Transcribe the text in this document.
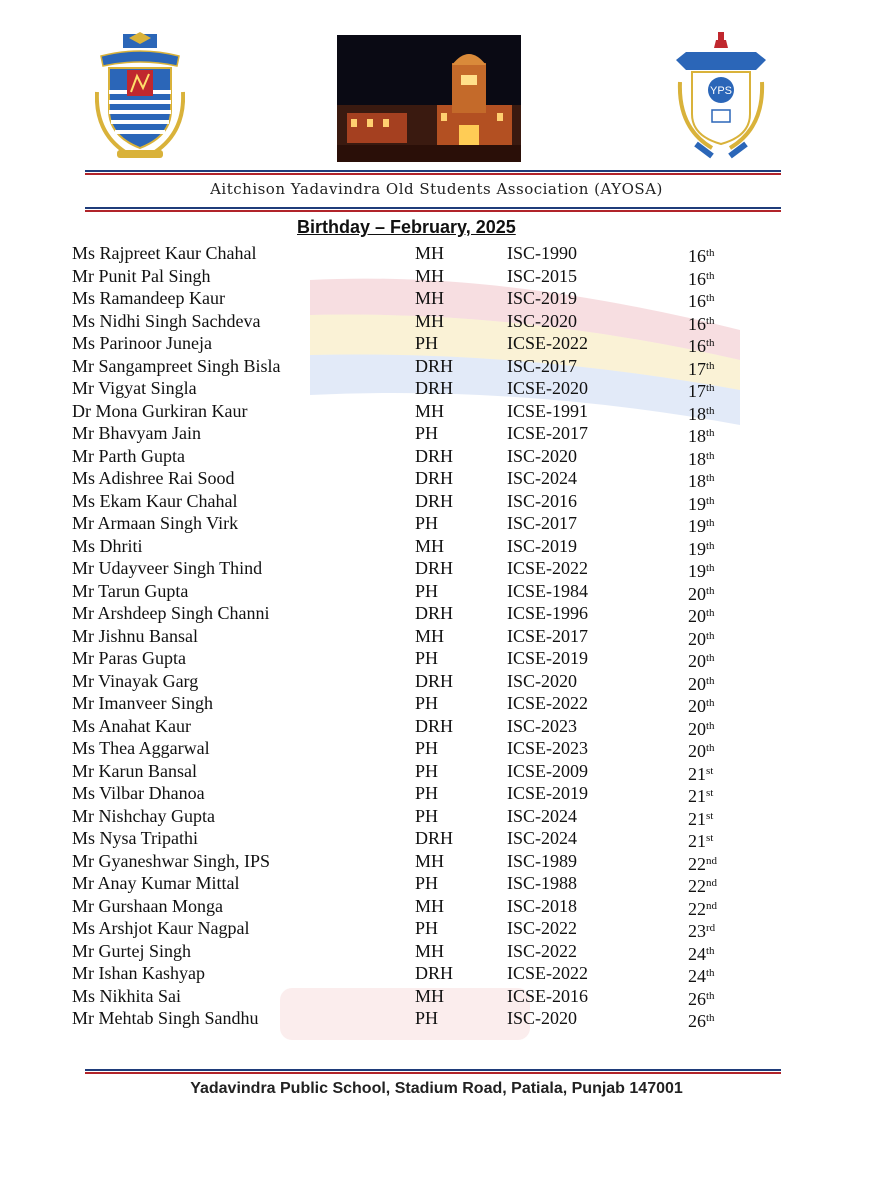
YPS
Aitchison Yadavindra Old Students Association (AYOSA)
Birthday – February, 2025
Ms Rajpreet Kaur Chahal	MH	ISC-1990	16th
Mr Punit Pal Singh	MH	ISC-2015	16th
Ms Ramandeep Kaur	MH	ISC-2019	16th
Ms Nidhi Singh Sachdeva	MH	ISC-2020	16th
Ms Parinoor Juneja	PH	ICSE-2022	16th
Mr Sangampreet Singh Bisla	DRH	ISC-2017	17th
Mr Vigyat Singla	DRH	ICSE-2020	17th
Dr Mona Gurkiran Kaur	MH	ICSE-1991	18th
Mr Bhavyam Jain	PH	ICSE-2017	18th
Mr Parth Gupta	DRH	ISC-2020	18th
Ms Adishree Rai Sood	DRH	ISC-2024	18th
Ms Ekam Kaur Chahal	DRH	ISC-2016	19th
Mr Armaan Singh Virk	PH	ISC-2017	19th
Ms Dhriti	MH	ISC-2019	19th
Mr Udayveer Singh Thind	DRH	ICSE-2022	19th
Mr Tarun Gupta	PH	ICSE-1984	20th
Mr Arshdeep Singh Channi	DRH	ICSE-1996	20th
Mr Jishnu Bansal	MH	ICSE-2017	20th
Mr Paras Gupta	PH	ICSE-2019	20th
Mr Vinayak Garg	DRH	ISC-2020	20th
Mr Imanveer Singh	PH	ICSE-2022	20th
Ms Anahat Kaur	DRH	ISC-2023	20th
Ms Thea Aggarwal	PH	ICSE-2023	20th
Mr Karun Bansal	PH	ICSE-2009	21st
Ms Vilbar Dhanoa	PH	ICSE-2019	21st
Mr Nishchay Gupta	PH	ISC-2024	21st
Ms Nysa Tripathi	DRH	ISC-2024	21st
Mr Gyaneshwar Singh, IPS	MH	ISC-1989	22nd
Mr Anay Kumar Mittal	PH	ISC-1988	22nd
Mr Gurshaan Monga	MH	ISC-2018	22nd
Ms Arshjot Kaur Nagpal	PH	ISC-2022	23rd
Mr Gurtej Singh	MH	ISC-2022	24th
Mr Ishan Kashyap	DRH	ICSE-2022	24th
Ms Nikhita Sai	MH	ICSE-2016	26th
Mr Mehtab Singh Sandhu	PH	ISC-2020	26th
Yadavindra Public School, Stadium Road, Patiala, Punjab 147001
